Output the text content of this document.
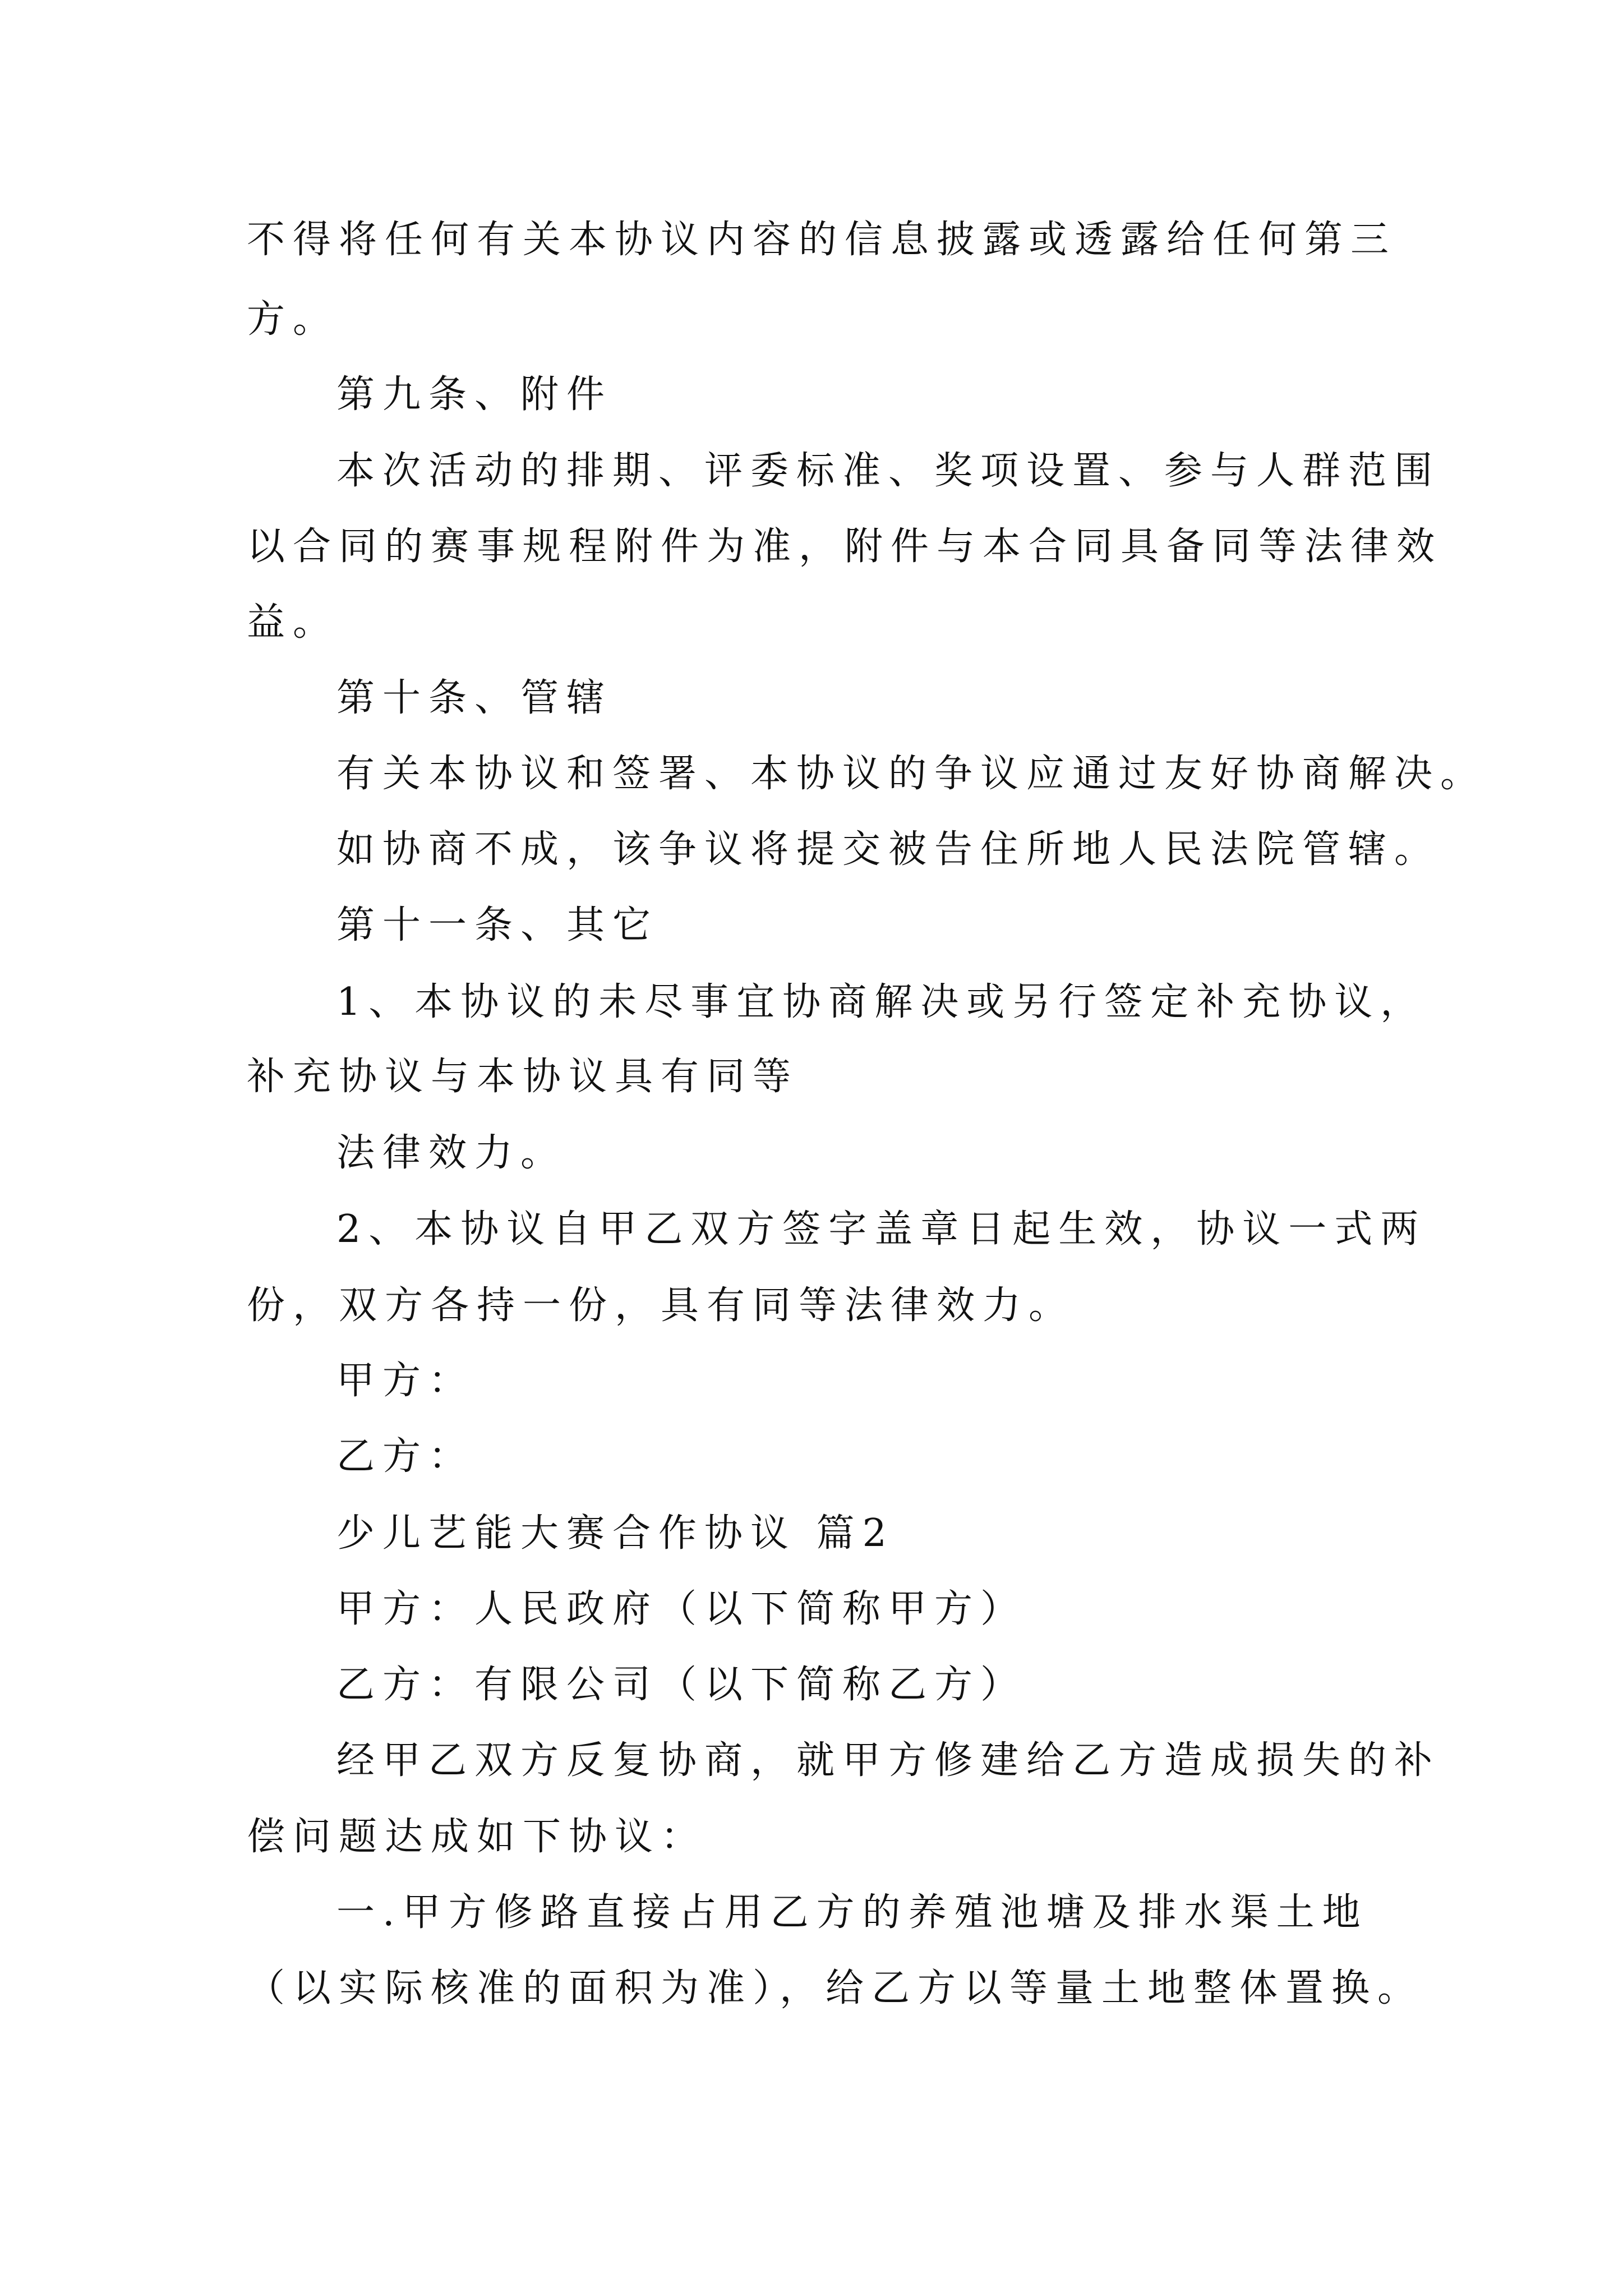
不得将任何有关本协议内容的信息披露或透露给任何第三
方。
第九条、附件
本次活动的排期、评委标准、奖项设置、参与人群范围
以合同的赛事规程附件为准，附件与本合同具备同等法律效
益。
第十条、管辖
有关本协议和签署、本协议的争议应通过友好协商解决。
如协商不成，该争议将提交被告住所地人民法院管辖。
第十一条、其它
1、本协议的未尽事宜协商解决或另行签定补充协议，
补充协议与本协议具有同等
法律效力。
2、本协议自甲乙双方签字盖章日起生效，协议一式两
份，双方各持一份，具有同等法律效力。
甲方：
乙方：
少儿艺能大赛合作协议 篇2
甲方：人民政府（以下简称甲方）
乙方：有限公司（以下简称乙方）
经甲乙双方反复协商，就甲方修建给乙方造成损失的补
偿问题达成如下协议：
一.甲方修路直接占用乙方的养殖池塘及排水渠土地
（以实际核准的面积为准），给乙方以等量土地整体置换。
